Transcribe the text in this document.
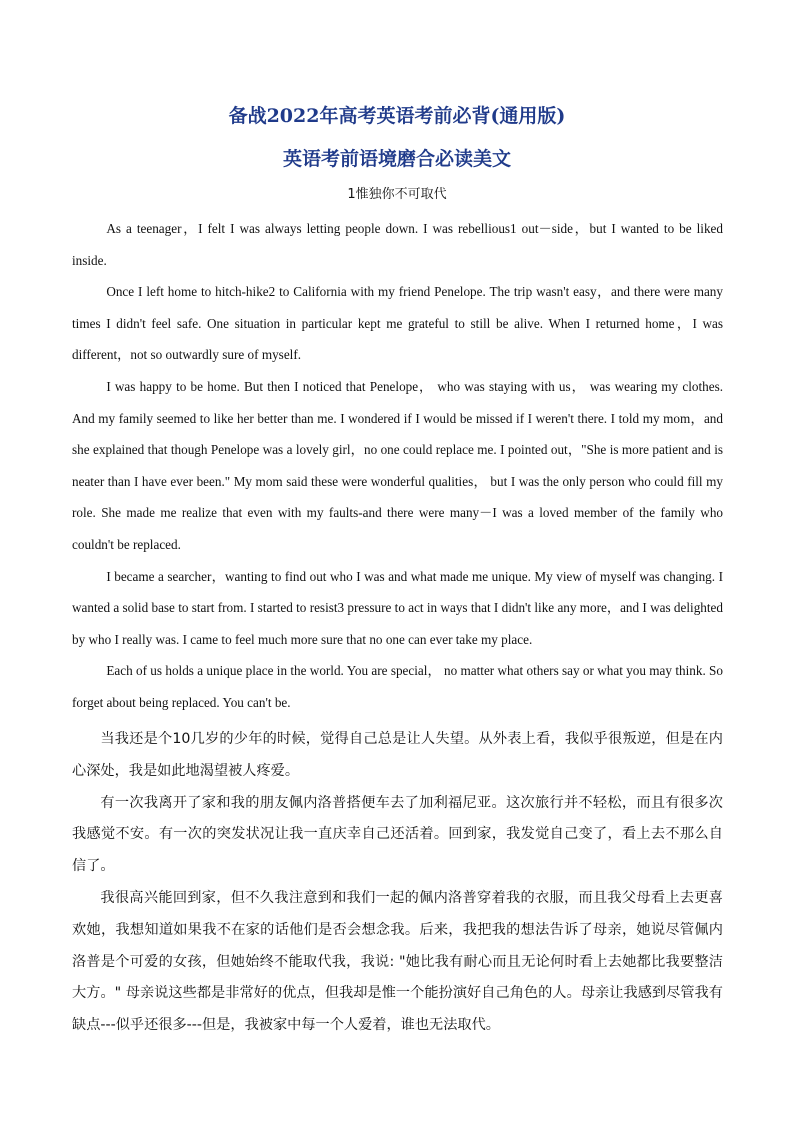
备战2022年高考英语考前必背(通用版)
英语考前语境磨合必读美文
1惟独你不可取代

As a teenager，I felt I was always letting people down. I was rebellious1 out－side，but I wanted to be liked inside.

Once I left home to hitch-hike2 to California with my friend Penelope. The trip wasn't easy，and there were many times I didn't feel safe. One situation in particular kept me grateful to still be alive. When I returned home，I was different，not so outwardly sure of myself.

I was happy to be home. But then I noticed that Penelope， who was staying with us， was wearing my clothes. And my family seemed to like her better than me. I wondered if I would be missed if I weren't there. I told my mom，and she explained that though Penelope was a lovely girl，no one could replace me. I pointed out，"She is more patient and is neater than I have ever been." My mom said these were wonderful qualities， but I was the only person who could fill my role. She made me realize that even with my faults-and there were many－I was a loved member of the family who couldn't be replaced.

I became a searcher，wanting to find out who I was and what made me unique. My view of myself was changing. I wanted a solid base to start from. I started to resist3 pressure to act in ways that I didn't like any more，and I was delighted by who I really was. I came to feel much more sure that no one can ever take my place.

Each of us holds a unique place in the world. You are special， no matter what others say or what you may think. So forget about being replaced. You can't be.

当我还是个10几岁的少年的时候，觉得自己总是让人失望。从外表上看，我似乎很叛逆，但是在内心深处，我是如此地渴望被人疼爱。

有一次我离开了家和我的朋友佩内洛普搭便车去了加利福尼亚。这次旅行并不轻松，而且有很多次我感觉不安。有一次的突发状况让我一直庆幸自己还活着。回到家，我发觉自己变了，看上去不那么自信了。

我很高兴能回到家，但不久我注意到和我们一起的佩内洛普穿着我的衣服，而且我父母看上去更喜欢她，我想知道如果我不在家的话他们是否会想念我。后来，我把我的想法告诉了母亲，她说尽管佩内洛普是个可爱的女孩，但她始终不能取代我，我说: "她比我有耐心而且无论何时看上去她都比我要整洁大方。" 母亲说这些都是非常好的优点，但我却是惟一个能扮演好自己角色的人。母亲让我感到尽管我有缺点---似乎还很多---但是，我被家中每一个人爱着，谁也无法取代。
